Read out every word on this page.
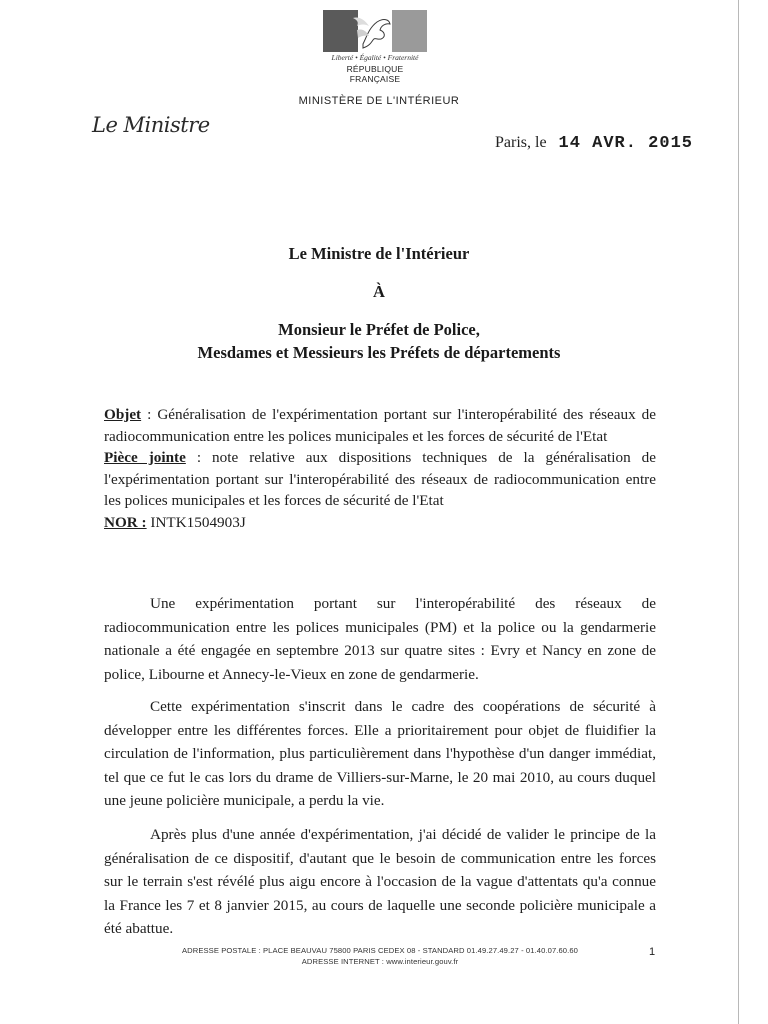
Liberté • Égalité • Fraternité
RÉPUBLIQUE FRANÇAISE
MINISTÈRE DE L'INTÉRIEUR
Le Ministre
Paris, le 14 AVR. 2015
Le Ministre de l'Intérieur
À
Monsieur le Préfet de Police,
Mesdames et Messieurs les Préfets de départements

Objet : Généralisation de l'expérimentation portant sur l'interopérabilité des réseaux de radiocommunication entre les polices municipales et les forces de sécurité de l'Etat

Pièce jointe : note relative aux dispositions techniques de la généralisation de l'expérimentation portant sur l'interopérabilité des réseaux de radiocommunication entre les polices municipales et les forces de sécurité de l'Etat

NOR : INTK1504903J

Une expérimentation portant sur l'interopérabilité des réseaux de radiocommunication entre les polices municipales (PM) et la police ou la gendarmerie nationale a été engagée en septembre 2013 sur quatre sites : Evry et Nancy en zone de police, Libourne et Annecy-le-Vieux en zone de gendarmerie.

Cette expérimentation s'inscrit dans le cadre des coopérations de sécurité à développer entre les différentes forces. Elle a prioritairement pour objet de fluidifier la circulation de l'information, plus particulièrement dans l'hypothèse d'un danger immédiat, tel que ce fut le cas lors du drame de Villiers-sur-Marne, le 20 mai 2010, au cours duquel une jeune policière municipale, a perdu la vie.

Après plus d'une année d'expérimentation, j'ai décidé de valider le principe de la généralisation de ce dispositif, d'autant que le besoin de communication entre les forces sur le terrain s'est révélé plus aigu encore à l'occasion de la vague d'attentats qu'a connue la France les 7 et 8 janvier 2015, au cours de laquelle une seconde policière municipale a été abattue.

ADRESSE POSTALE : PLACE BEAUVAU 75800 PARIS CEDEX 08 - STANDARD 01.49.27.49.27 - 01.40.07.60.60
ADRESSE INTERNET : www.interieur.gouv.fr
1
